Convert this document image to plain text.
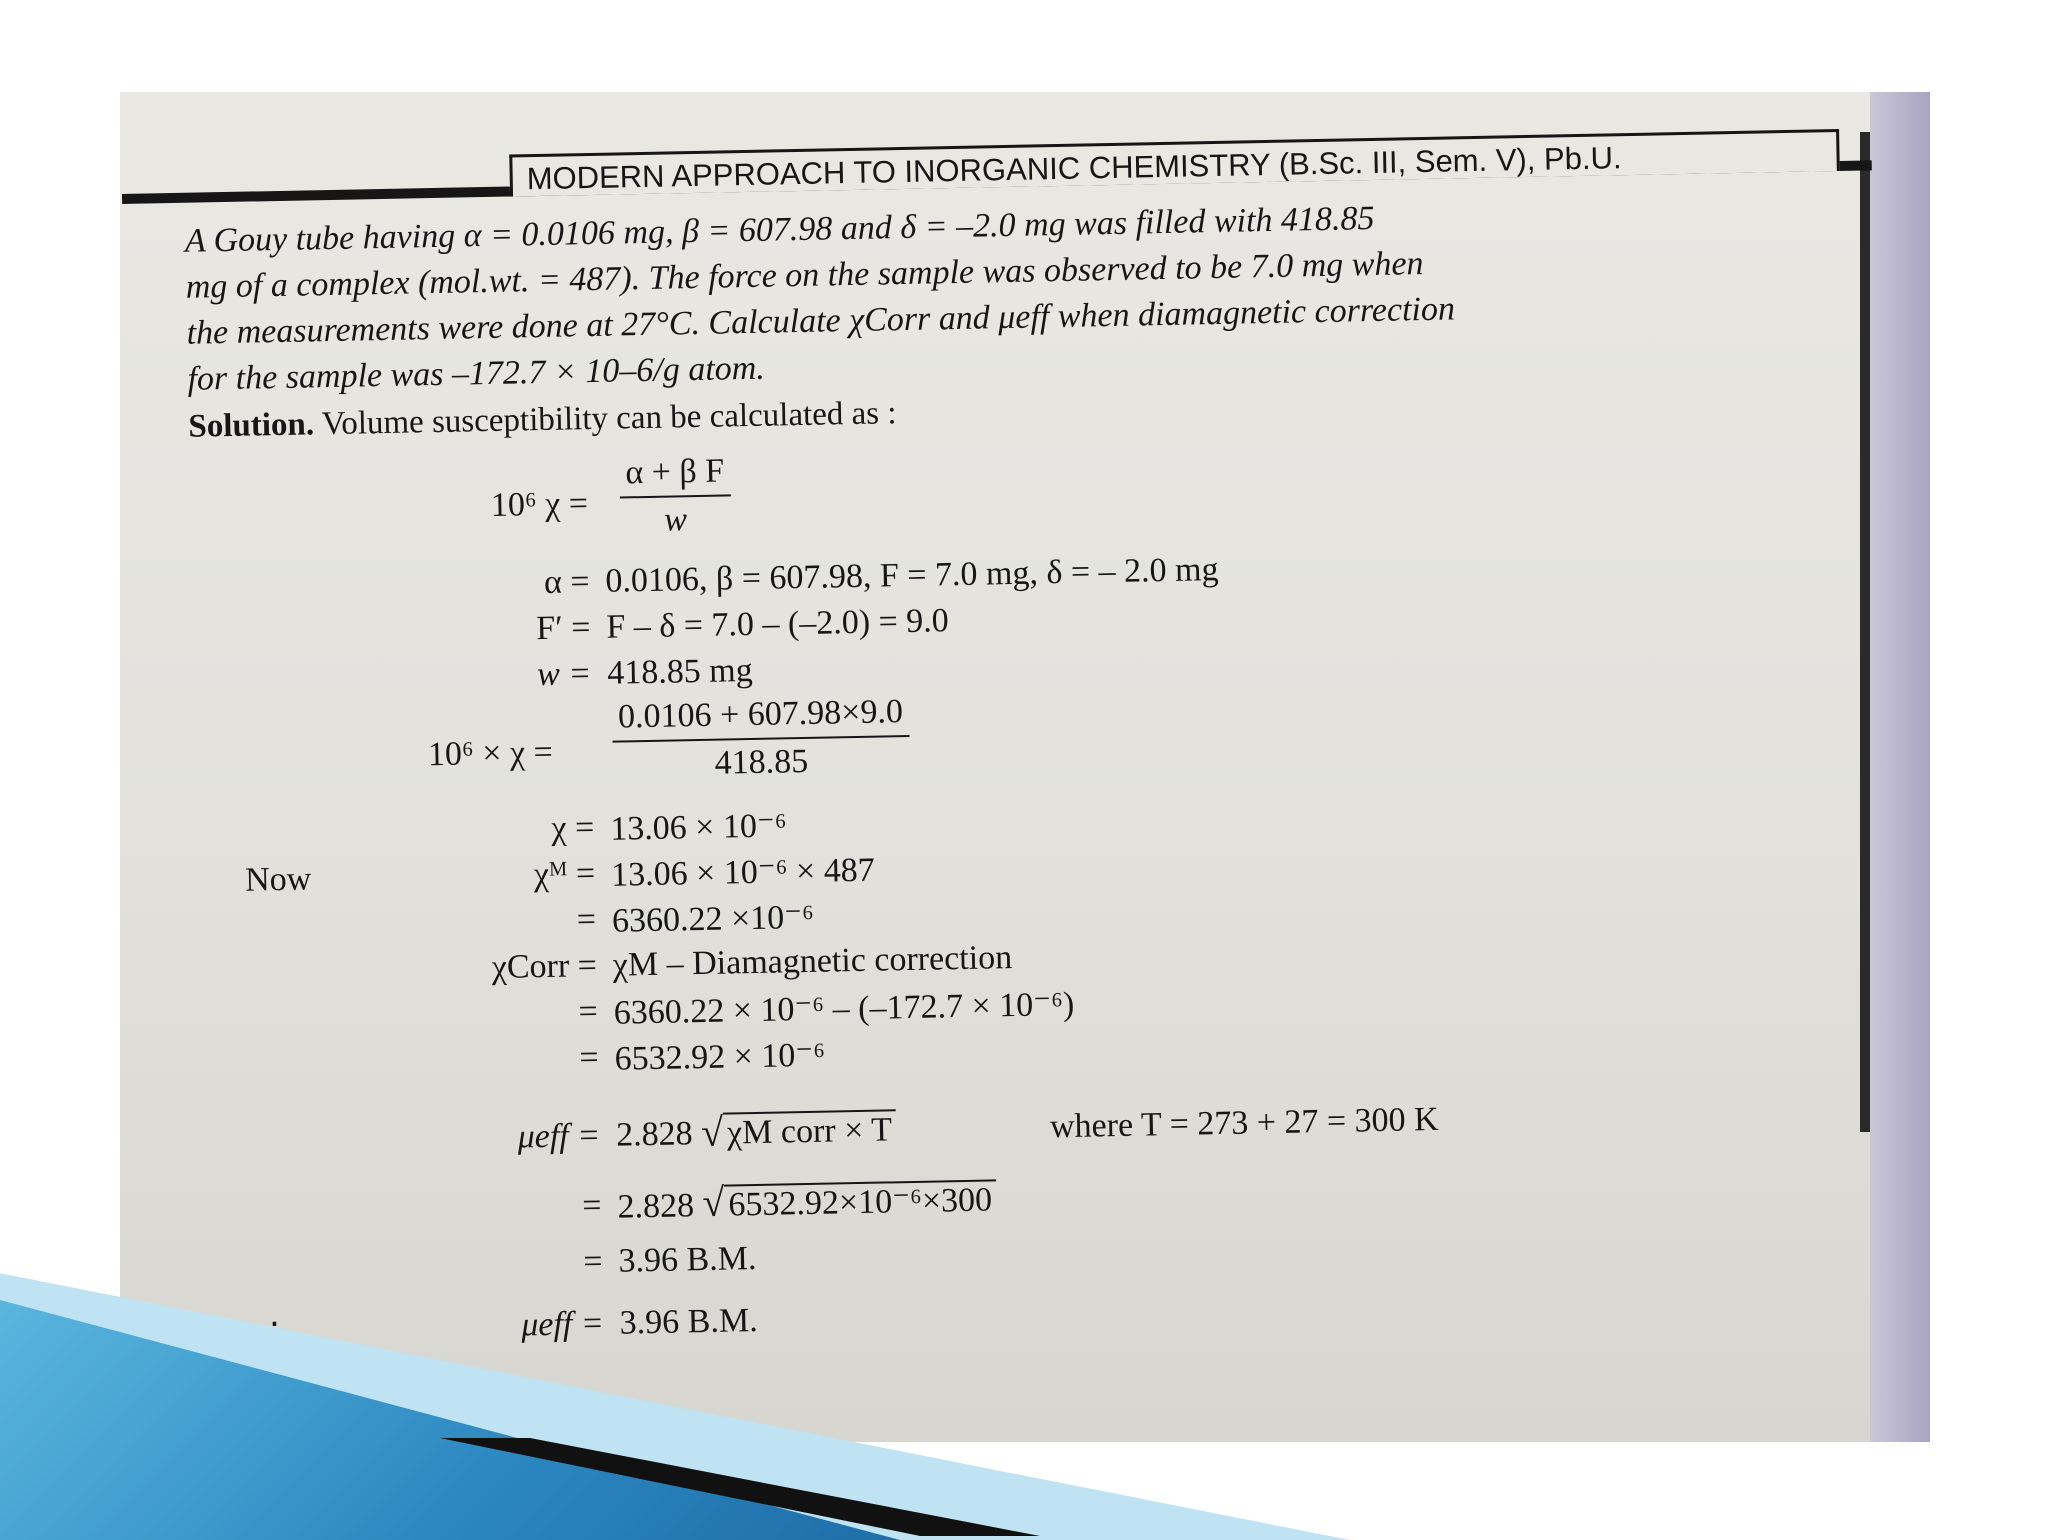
MODERN APPROACH TO INORGANIC CHEMISTRY (B.Sc. III, Sem. V), Pb.U.
A Gouy tube having α = 0.0106 mg, β = 607.98 and δ = –2.0 mg was filled with 418.85
mg of a complex (mol.wt. = 487). The force on the sample was observed to be 7.0 mg when
the measurements were done at 27°C. Calculate χCorr and μeff when diamagnetic correction
for the sample was –172.7 × 10–6/g atom.
Solution. Volume susceptibility can be calculated as :
10⁶ $\chi = \frac{\text{α + β F}}{w}$
α = 0.0106, β = 607.98, F = 7.0 mg, δ = – 2.0 mg
F′ = F – δ = 7.0 – (–2.0) = 9.0
w = 418.85 mg
$10^6 \times \chi = \frac{0.0106 + 607.98\times 9.0}{418.85}$
χ = 13.06 × 10⁻⁶
Now	χᴹ = 13.06 × 10⁻⁶ × 487
= 6360.22 ×10⁻⁶
χCorr = χM – Diamagnetic correction
= 6360.22 × 10⁻⁶ – (–172.7 × 10⁻⁶)
= 6532.92 × 10⁻⁶
μeff = 2.828 √ χM corr × T	where T = 273 + 27 = 300 K
= 2.828 √ 6532.92×10⁻⁶×300
= 3.96 B.M.
μeff = 3.96 B.M.
